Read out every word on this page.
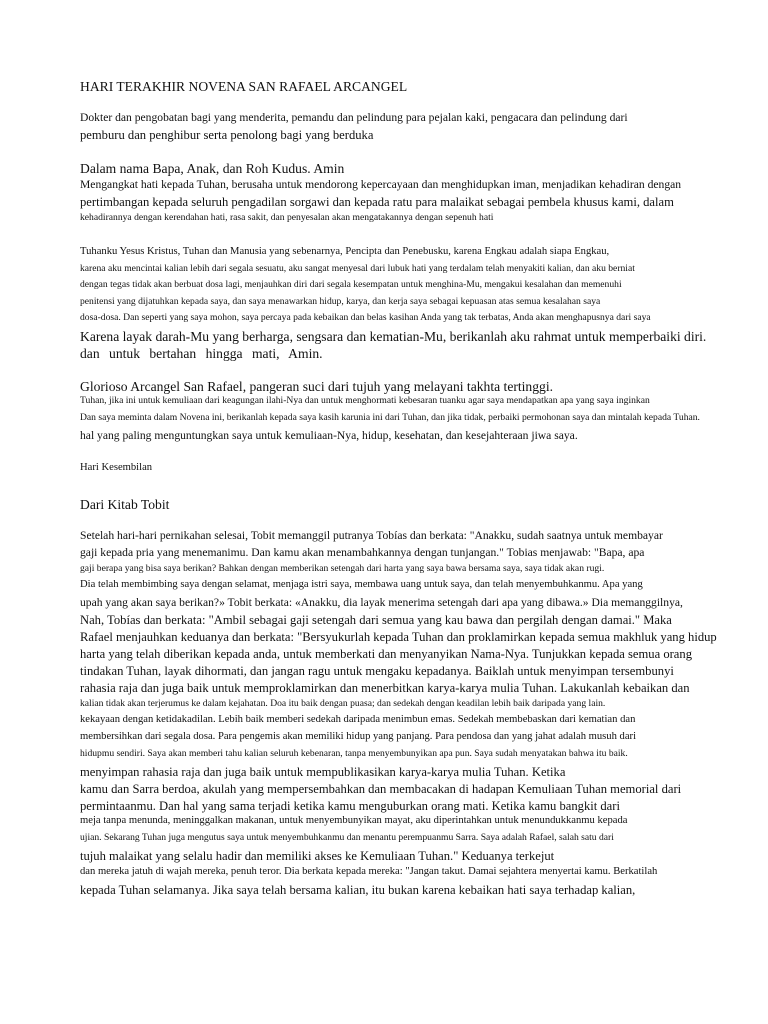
HARI TERAKHIR NOVENA SAN RAFAEL ARCANGEL
Dokter dan pengobatan bagi yang menderita, pemandu dan pelindung para pejalan kaki, pengacara dan pelindung dari
pemburu dan penghibur serta penolong bagi yang berduka
Dalam nama Bapa, Anak, dan Roh Kudus. Amin
Mengangkat hati kepada Tuhan, berusaha untuk mendorong kepercayaan dan menghidupkan iman, menjadikan kehadiran dengan
pertimbangan kepada seluruh pengadilan sorgawi dan kepada ratu para malaikat sebagai pembela khusus kami, dalam
kehadirannya dengan kerendahan hati, rasa sakit, dan penyesalan akan mengatakannya dengan sepenuh hati
Tuhanku Yesus Kristus, Tuhan dan Manusia yang sebenarnya, Pencipta dan Penebusku, karena Engkau adalah siapa Engkau,
karena aku mencintai kalian lebih dari segala sesuatu, aku sangat menyesal dari lubuk hati yang terdalam telah menyakiti kalian, dan aku berniat
dengan tegas tidak akan berbuat dosa lagi, menjauhkan diri dari segala kesempatan untuk menghina-Mu, mengakui kesalahan dan memenuhi
penitensi yang dijatuhkan kepada saya, dan saya menawarkan hidup, karya, dan kerja saya sebagai kepuasan atas semua kesalahan saya
dosa-dosa. Dan seperti yang saya mohon, saya percaya pada kebaikan dan belas kasihan Anda yang tak terbatas, Anda akan menghapusnya dari saya
Karena layak darah-Mu yang berharga, sengsara dan kematian-Mu, berikanlah aku rahmat untuk memperbaiki diri.
dan untuk bertahan hingga mati, Amin.
Glorioso Arcangel San Rafael, pangeran suci dari tujuh yang melayani takhta tertinggi.
Tuhan, jika ini untuk kemuliaan dari keagungan ilahi-Nya dan untuk menghormati kebesaran tuanku agar saya mendapatkan apa yang saya inginkan
Dan saya meminta dalam Novena ini, berikanlah kepada saya kasih karunia ini dari Tuhan, dan jika tidak, perbaiki permohonan saya dan mintalah kepada Tuhan.
hal yang paling menguntungkan saya untuk kemuliaan-Nya, hidup, kesehatan, dan kesejahteraan jiwa saya.
Hari Kesembilan
Dari Kitab Tobit
Setelah hari-hari pernikahan selesai, Tobit memanggil putranya Tobías dan berkata: "Anakku, sudah saatnya untuk membayar
gaji kepada pria yang menemanimu. Dan kamu akan menambahkannya dengan tunjangan." Tobias menjawab: "Bapa, apa
gaji berapa yang bisa saya berikan? Bahkan dengan memberikan setengah dari harta yang saya bawa bersama saya, saya tidak akan rugi.
Dia telah membimbing saya dengan selamat, menjaga istri saya, membawa uang untuk saya, dan telah menyembuhkanmu. Apa yang
upah yang akan saya berikan?» Tobit berkata: «Anakku, dia layak menerima setengah dari apa yang dibawa.» Dia memanggilnya,
Nah, Tobías dan berkata: "Ambil sebagai gaji setengah dari semua yang kau bawa dan pergilah dengan damai." Maka
Rafael menjauhkan keduanya dan berkata: "Bersyukurlah kepada Tuhan dan proklamirkan kepada semua makhluk yang hidup
harta yang telah diberikan kepada anda, untuk memberkati dan menyanyikan Nama-Nya. Tunjukkan kepada semua orang
tindakan Tuhan, layak dihormati, dan jangan ragu untuk mengaku kepadanya. Baiklah untuk menyimpan tersembunyi
rahasia raja dan juga baik untuk memproklamirkan dan menerbitkan karya-karya mulia Tuhan. Lakukanlah kebaikan dan
kalian tidak akan terjerumus ke dalam kejahatan. Doa itu baik dengan puasa; dan sedekah dengan keadilan lebih baik daripada yang lain.
kekayaan dengan ketidakadilan. Lebih baik memberi sedekah daripada menimbun emas. Sedekah membebaskan dari kematian dan
membersihkan dari segala dosa. Para pengemis akan memiliki hidup yang panjang. Para pendosa dan yang jahat adalah musuh dari
hidupmu sendiri. Saya akan memberi tahu kalian seluruh kebenaran, tanpa menyembunyikan apa pun. Saya sudah menyatakan bahwa itu baik.
menyimpan rahasia raja dan juga baik untuk mempublikasikan karya-karya mulia Tuhan. Ketika
kamu dan Sarra berdoa, akulah yang mempersembahkan dan membacakan di hadapan Kemuliaan Tuhan memorial dari
permintaanmu. Dan hal yang sama terjadi ketika kamu menguburkan orang mati. Ketika kamu bangkit dari
meja tanpa menunda, meninggalkan makanan, untuk menyembunyikan mayat, aku diperintahkan untuk menundukkanmu kepada
ujian. Sekarang Tuhan juga mengutus saya untuk menyembuhkanmu dan menantu perempuanmu Sarra. Saya adalah Rafael, salah satu dari
tujuh malaikat yang selalu hadir dan memiliki akses ke Kemuliaan Tuhan." Keduanya terkejut
dan mereka jatuh di wajah mereka, penuh teror. Dia berkata kepada mereka: "Jangan takut. Damai sejahtera menyertai kamu. Berkatilah
kepada Tuhan selamanya. Jika saya telah bersama kalian, itu bukan karena kebaikan hati saya terhadap kalian,
